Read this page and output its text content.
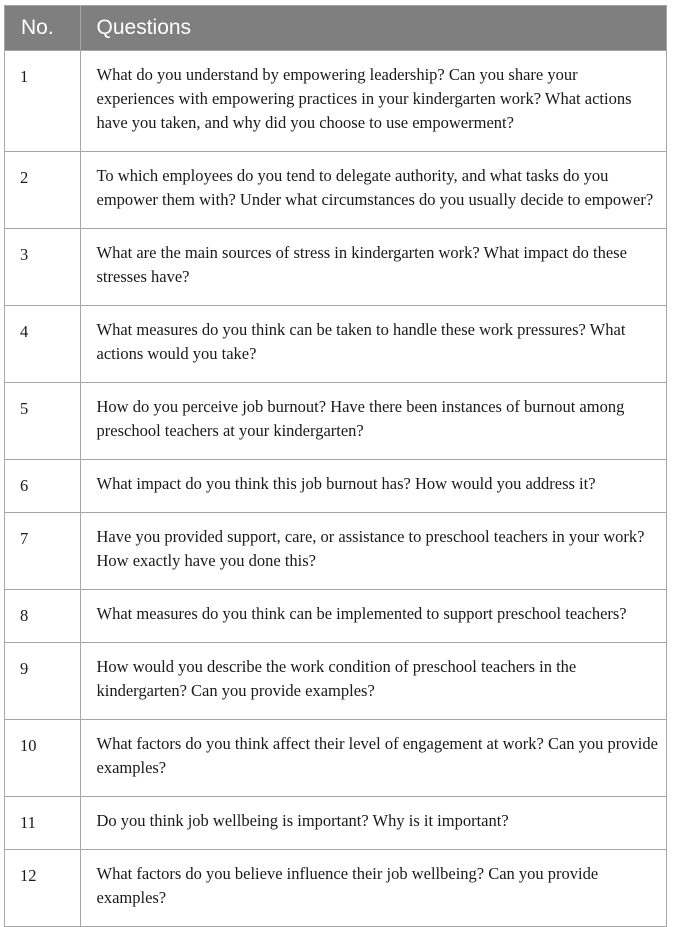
No.	Questions
1	What do you understand by empowering leadership? Can you share your experiences with empowering practices in your kindergarten work? What actions have you taken, and why did you choose to use empowerment?
2	To which employees do you tend to delegate authority, and what tasks do you empower them with? Under what circumstances do you usually decide to empower?
3	What are the main sources of stress in kindergarten work? What impact do these stresses have?
4	What measures do you think can be taken to handle these work pressures? What actions would you take?
5	How do you perceive job burnout? Have there been instances of burnout among preschool teachers at your kindergarten?
6	What impact do you think this job burnout has? How would you address it?
7	Have you provided support, care, or assistance to preschool teachers in your work? How exactly have you done this?
8	What measures do you think can be implemented to support preschool teachers?
9	How would you describe the work condition of preschool teachers in the kindergarten? Can you provide examples?
10	What factors do you think affect their level of engagement at work? Can you provide examples?
11	Do you think job wellbeing is important? Why is it important?
12	What factors do you believe influence their job wellbeing? Can you provide examples?
